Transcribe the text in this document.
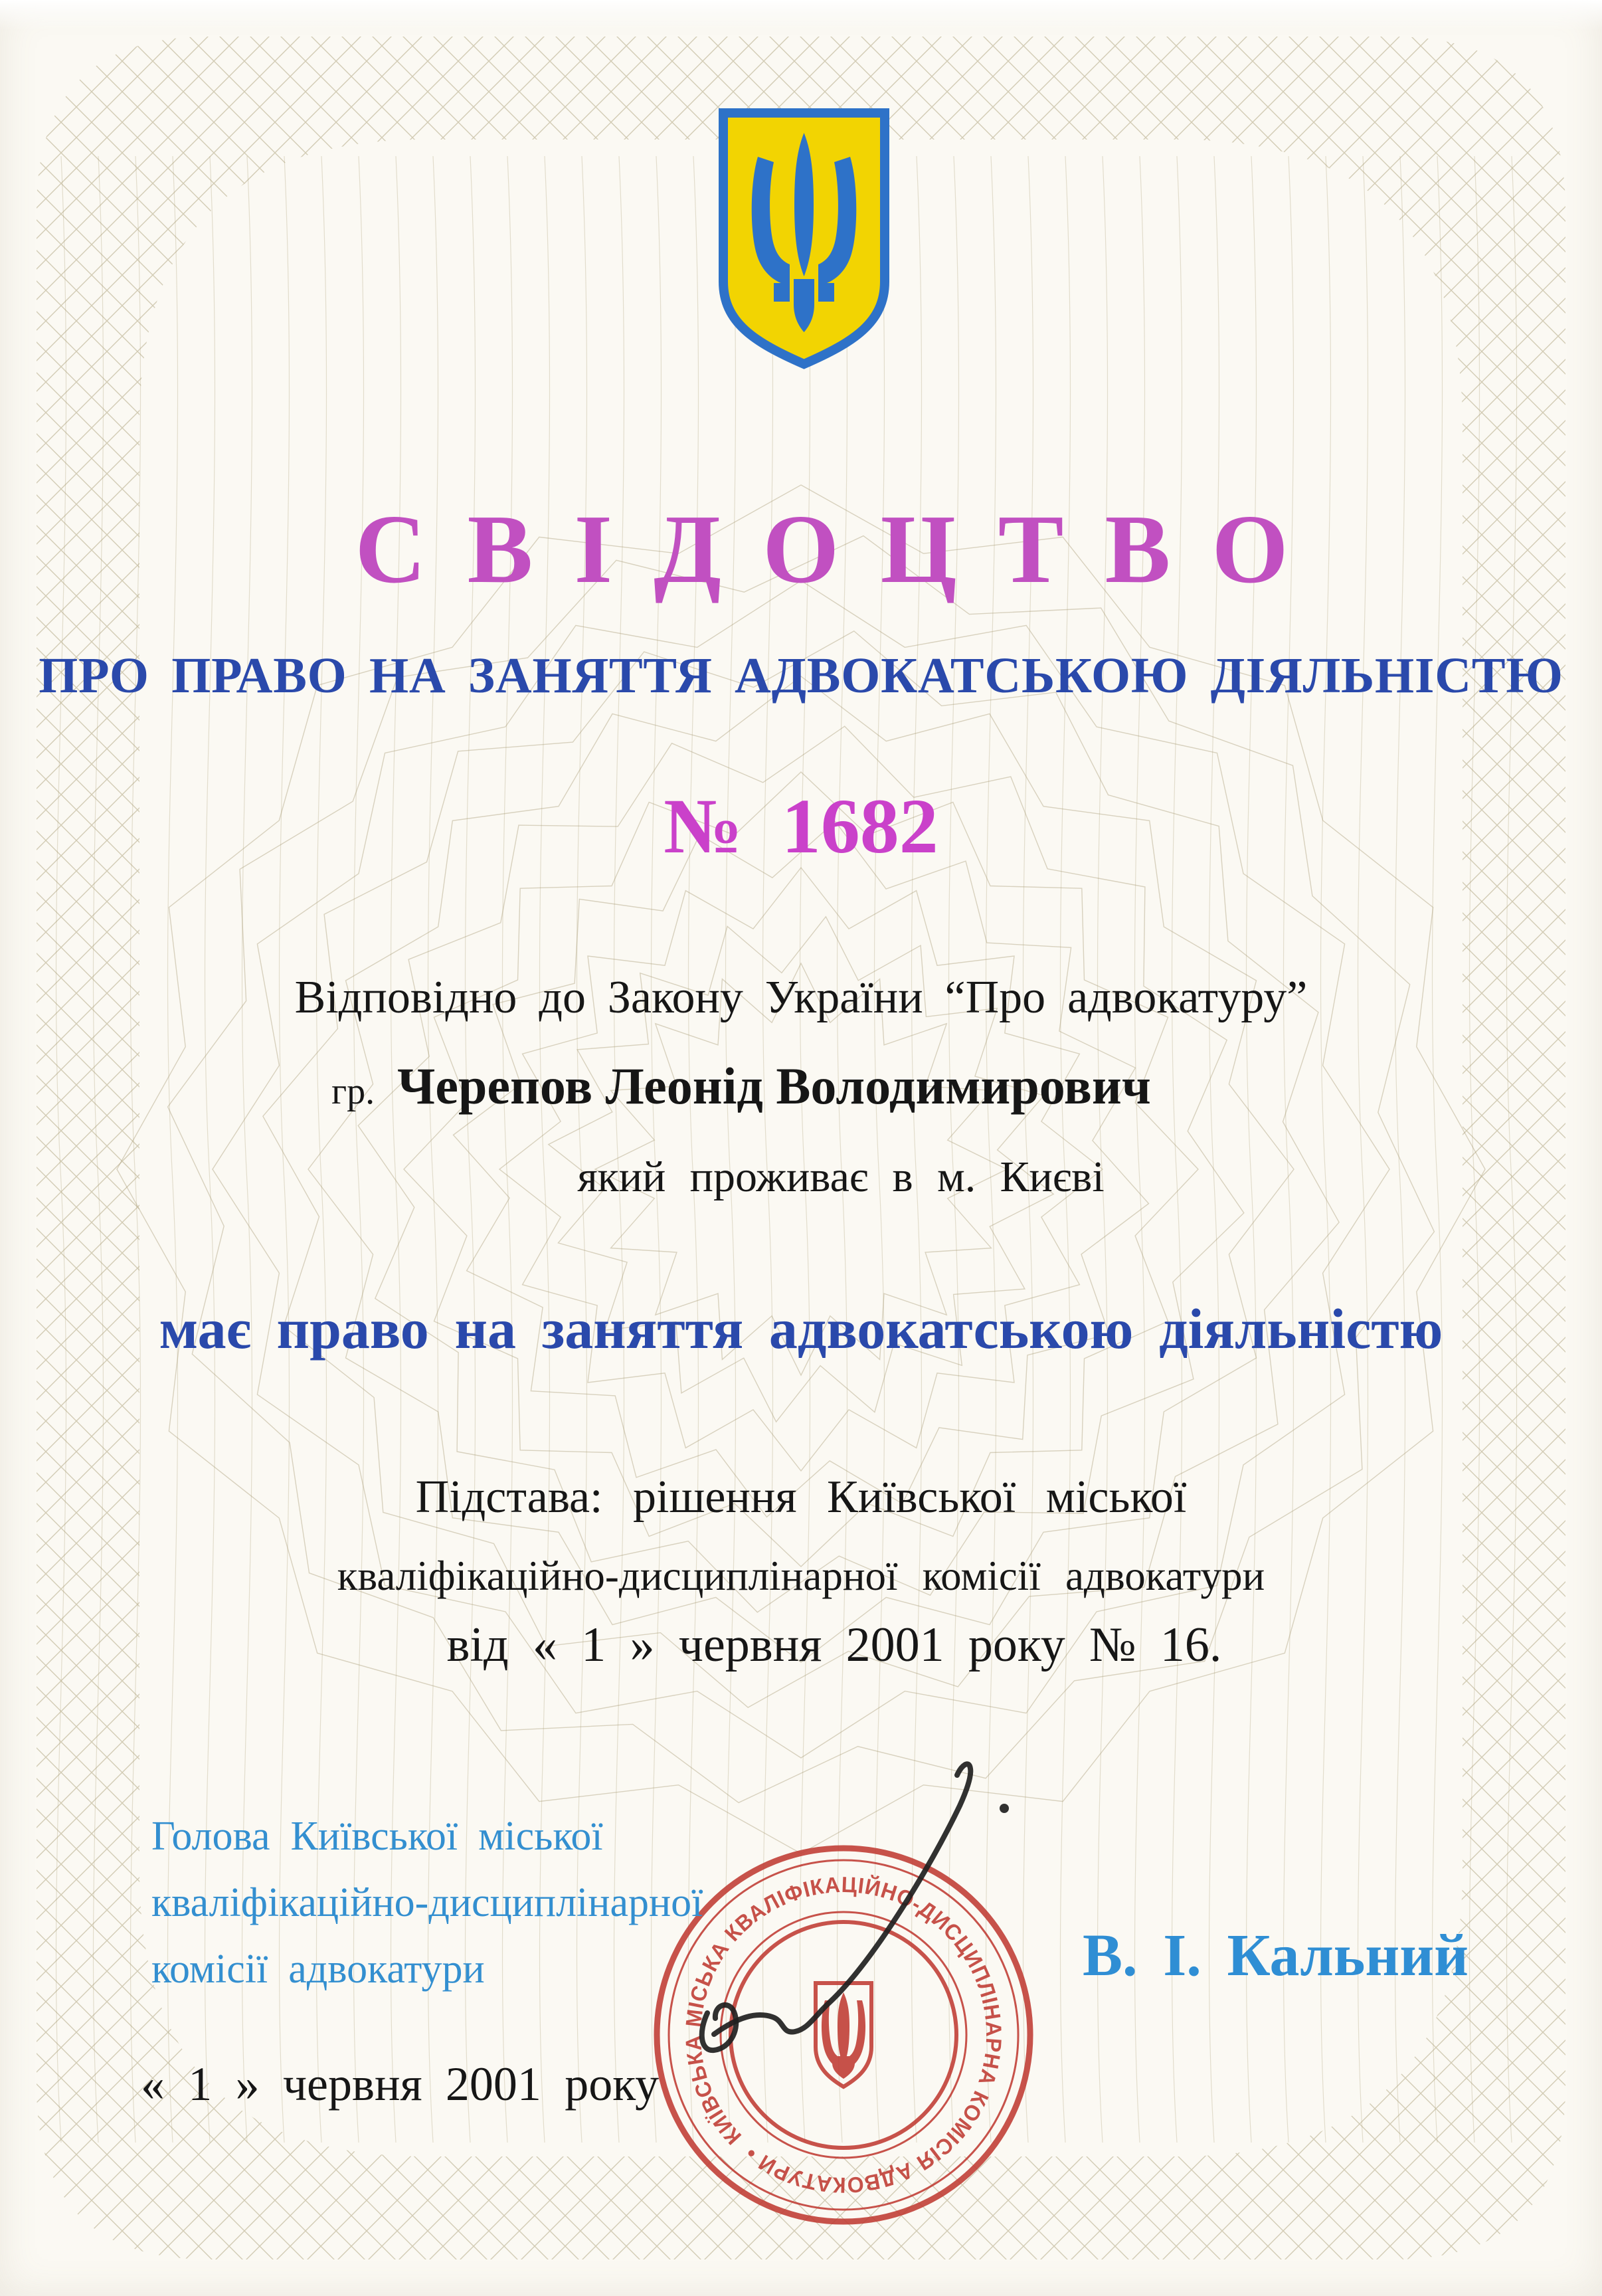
СВІДОЦТВО
ПРО ПРАВО НА ЗАНЯТТЯ АДВОКАТСЬКОЮ ДІЯЛЬНІСТЮ
№ 1682
Відповідно до Закону України “Про адвокатуру”
гр. Черепов Леонід Володимирович
який проживає в м. Києві
має право на заняття адвокатською діяльністю
Підстава: рішення Київської міської
кваліфікаційно-дисциплінарної комісії адвокатури
від « 1 » червня 2001 року № 16.
Голова Київської міської
кваліфікаційно-дисциплінарної
комісії адвокатури	В. І. Кальний
« 1 » червня 2001 року
КИЇВСЬКА МІСЬКА КВАЛІФІКАЦІЙНО-ДИСЦИПЛІНАРНА КОМІСІЯ АДВОКАТУРИ •
